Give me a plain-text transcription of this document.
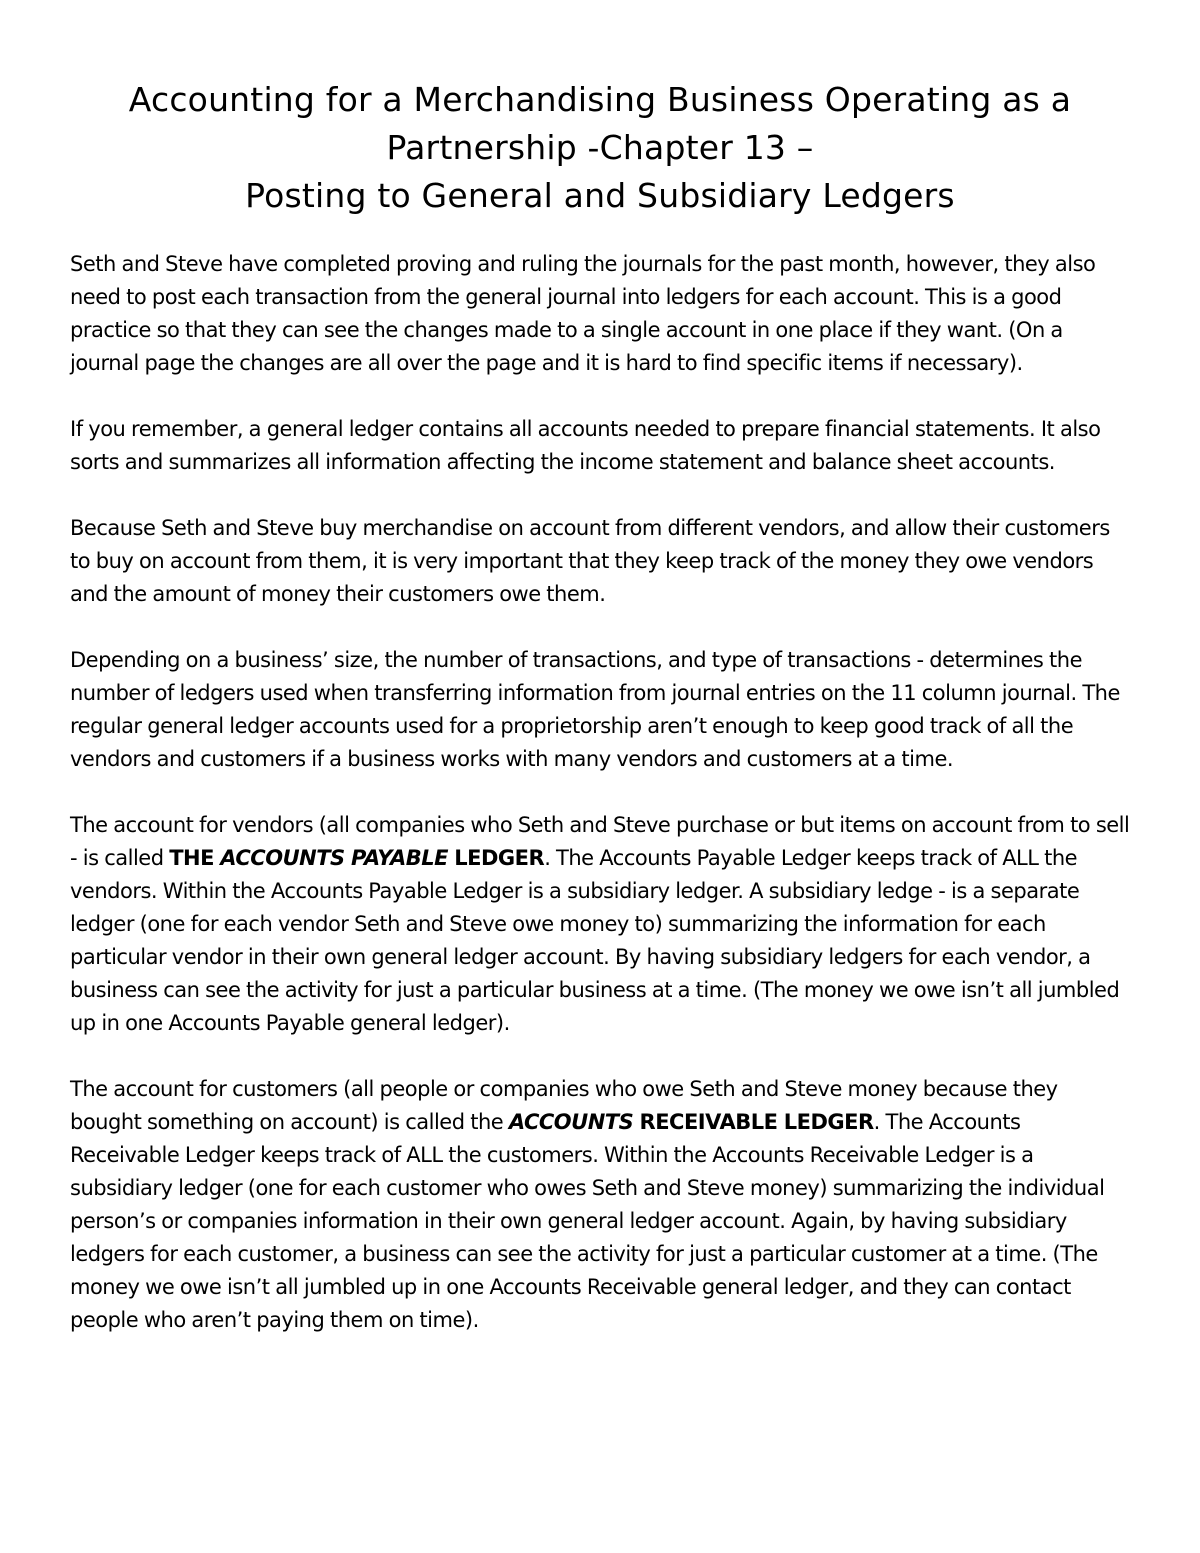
Accounting for a Merchandising Business Operating as a
Partnership -Chapter 13 –
Posting to General and Subsidiary Ledgers

Seth and Steve have completed proving and ruling the journals for the past month, however, they also need to post each transaction from the general journal into ledgers for each account. This is a good practice so that they can see the changes made to a single account in one place if they want. (On a journal page the changes are all over the page and it is hard to find specific items if necessary).

If you remember, a general ledger contains all accounts needed to prepare financial statements. It also sorts and summarizes all information affecting the income statement and balance sheet accounts.

Because Seth and Steve buy merchandise on account from different vendors, and allow their customers to buy on account from them, it is very important that they keep track of the money they owe vendors and the amount of money their customers owe them.

Depending on a business’ size, the number of transactions, and type of transactions - determines the number of ledgers used when transferring information from journal entries on the 11 column journal. The regular general ledger accounts used for a proprietorship aren’t enough to keep good track of all the vendors and customers if a business works with many vendors and customers at a time.

The account for vendors (all companies who Seth and Steve purchase or but items on account from to sell - is called THE ACCOUNTS PAYABLE LEDGER. The Accounts Payable Ledger keeps track of ALL the vendors. Within the Accounts Payable Ledger is a subsidiary ledger. A subsidiary ledge - is a separate ledger (one for each vendor Seth and Steve owe money to) summarizing the information for each particular vendor in their own general ledger account. By having subsidiary ledgers for each vendor, a business can see the activity for just a particular business at a time. (The money we owe isn’t all jumbled up in one Accounts Payable general ledger).

The account for customers (all people or companies who owe Seth and Steve money because they bought something on account) is called the ACCOUNTS RECEIVABLE LEDGER. The Accounts Receivable Ledger keeps track of ALL the customers. Within the Accounts Receivable Ledger is a subsidiary ledger (one for each customer who owes Seth and Steve money) summarizing the individual person’s or companies information in their own general ledger account. Again, by having subsidiary ledgers for each customer, a business can see the activity for just a particular customer at a time. (The money we owe isn’t all jumbled up in one Accounts Receivable general ledger, and they can contact people who aren’t paying them on time).
